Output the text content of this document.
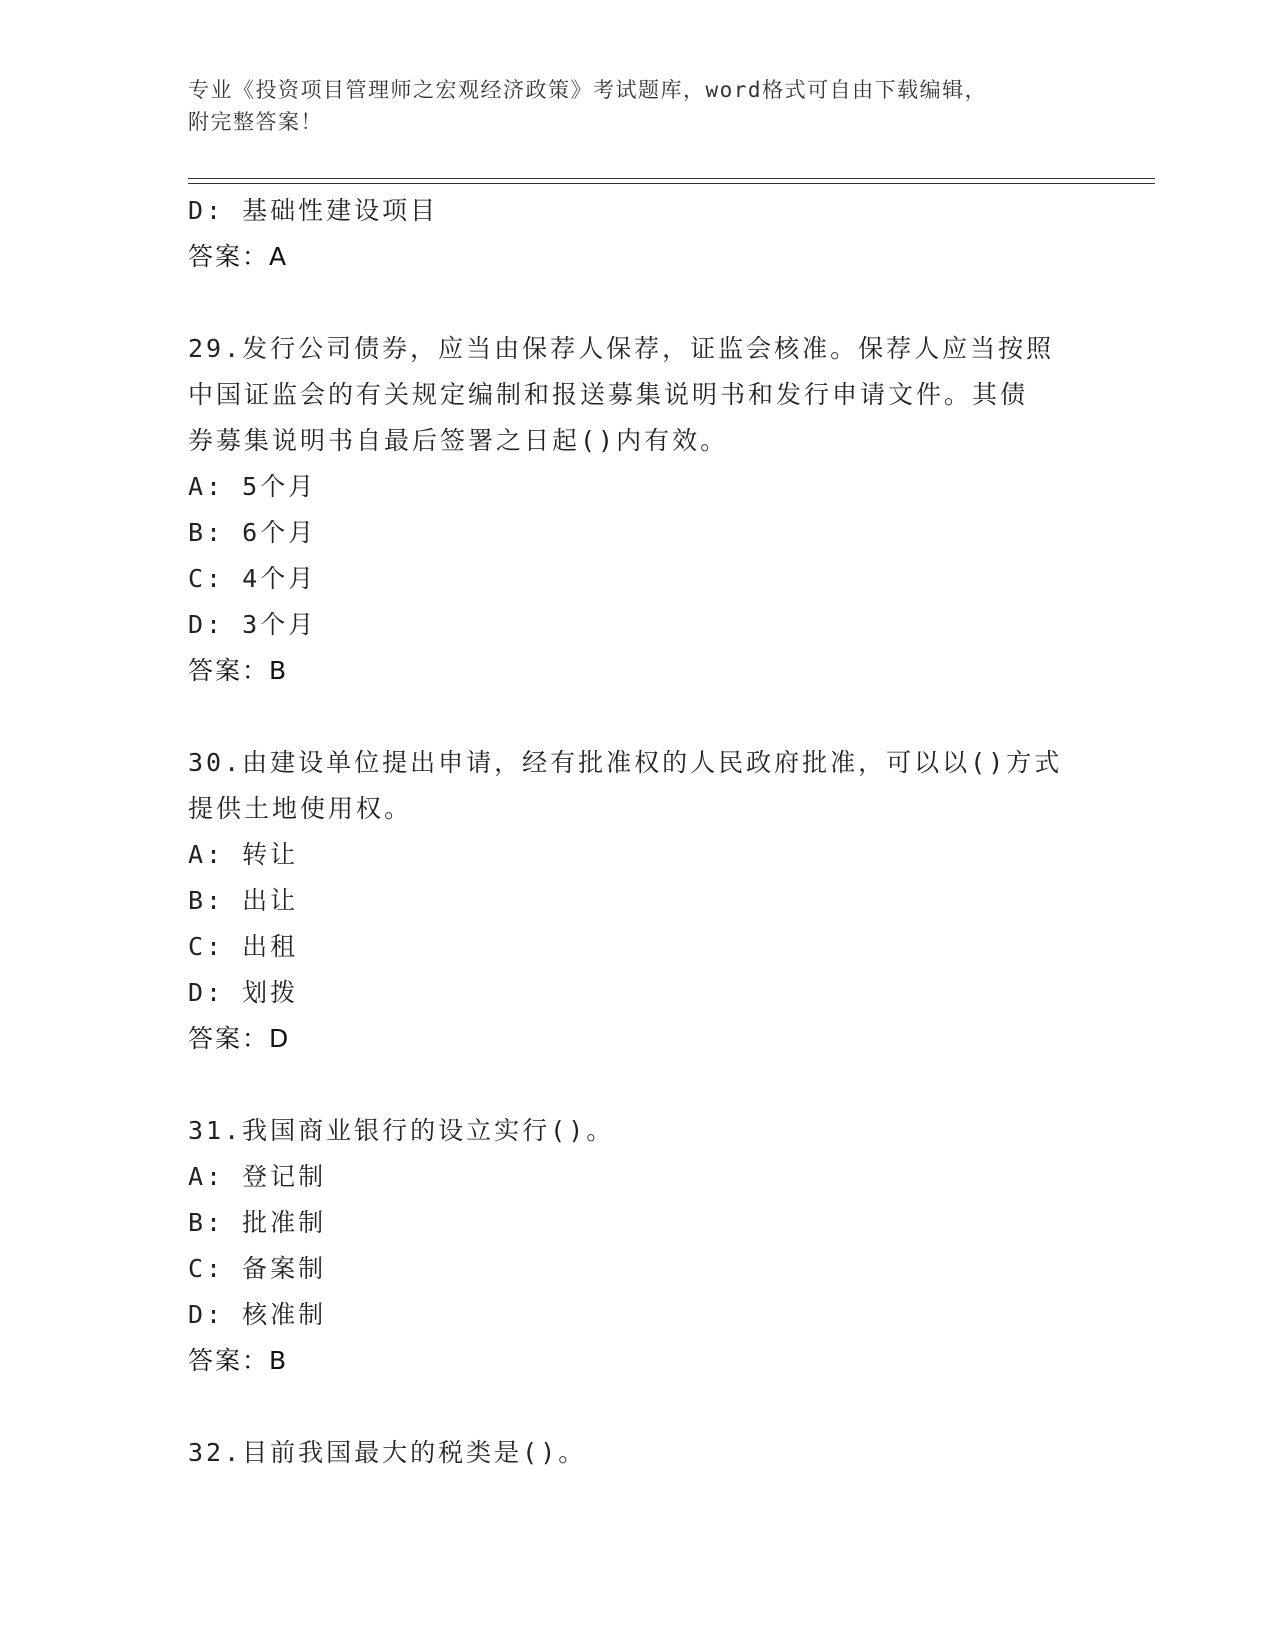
专业《投资项目管理师之宏观经济政策》考试题库，word格式可自由下载编辑，
附完整答案！
D: 基础性建设项目
答案：A
29.发行公司债券，应当由保荐人保荐，证监会核准。保荐人应当按照
中国证监会的有关规定编制和报送募集说明书和发行申请文件。其债
券募集说明书自最后签署之日起()内有效。
A: 5个月
B: 6个月
C: 4个月
D: 3个月
答案：B
30.由建设单位提出申请，经有批准权的人民政府批准，可以以()方式
提供土地使用权。
A: 转让
B: 出让
C: 出租
D: 划拨
答案：D
31.我国商业银行的设立实行()。
A: 登记制
B: 批准制
C: 备案制
D: 核准制
答案：B
32.目前我国最大的税类是()。
